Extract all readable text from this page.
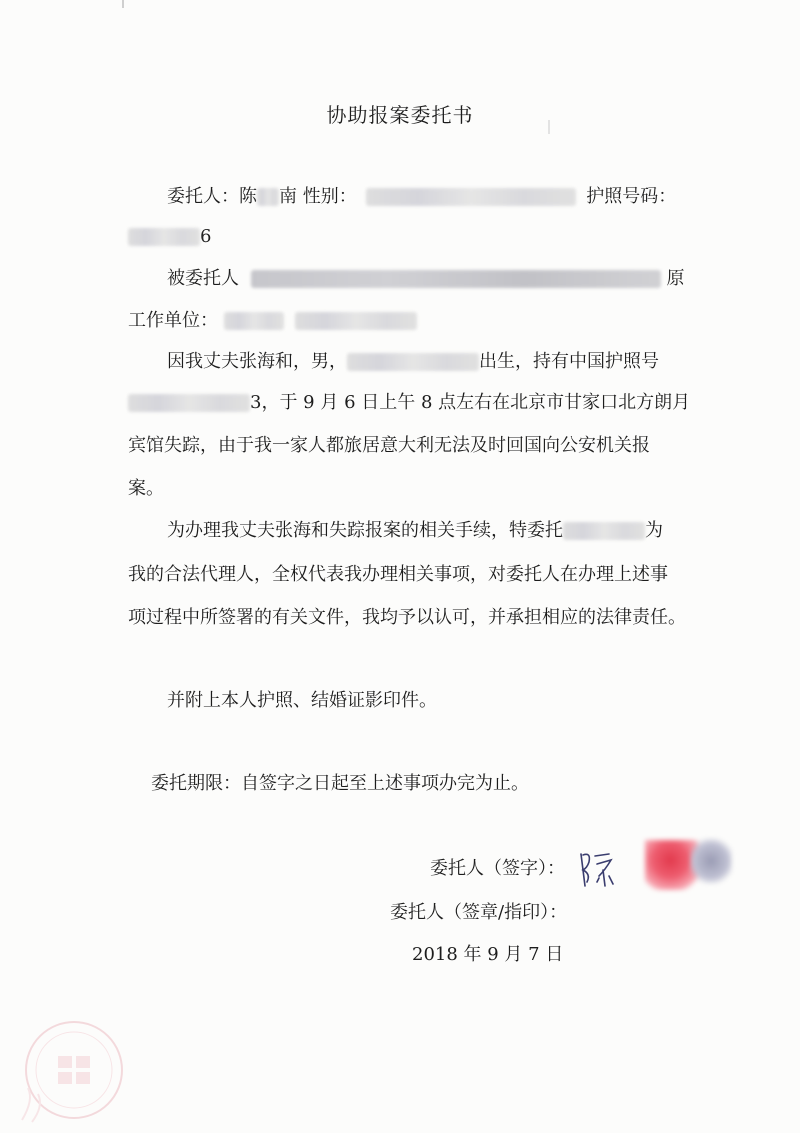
协助报案委托书
委托人：陈 南 性别：	护照号码：
6
被委托人	原
工作单位：
因我丈夫张海和，男，	出生，持有中国护照号
3，于 9 月 6 日上午 8 点左右在北京市甘家口北方朗月
宾馆失踪，由于我一家人都旅居意大利无法及时回国向公安机关报
案。
为办理我丈夫张海和失踪报案的相关手续，特委托	为
我的合法代理人，全权代表我办理相关事项，对委托人在办理上述事
项过程中所签署的有关文件，我均予以认可，并承担相应的法律责任。
并附上本人护照、结婚证影印件。
委托期限：自签字之日起至上述事项办完为止。
委托人（签字）：
委托人（签章/指印）：
2018 年 9 月 7 日
